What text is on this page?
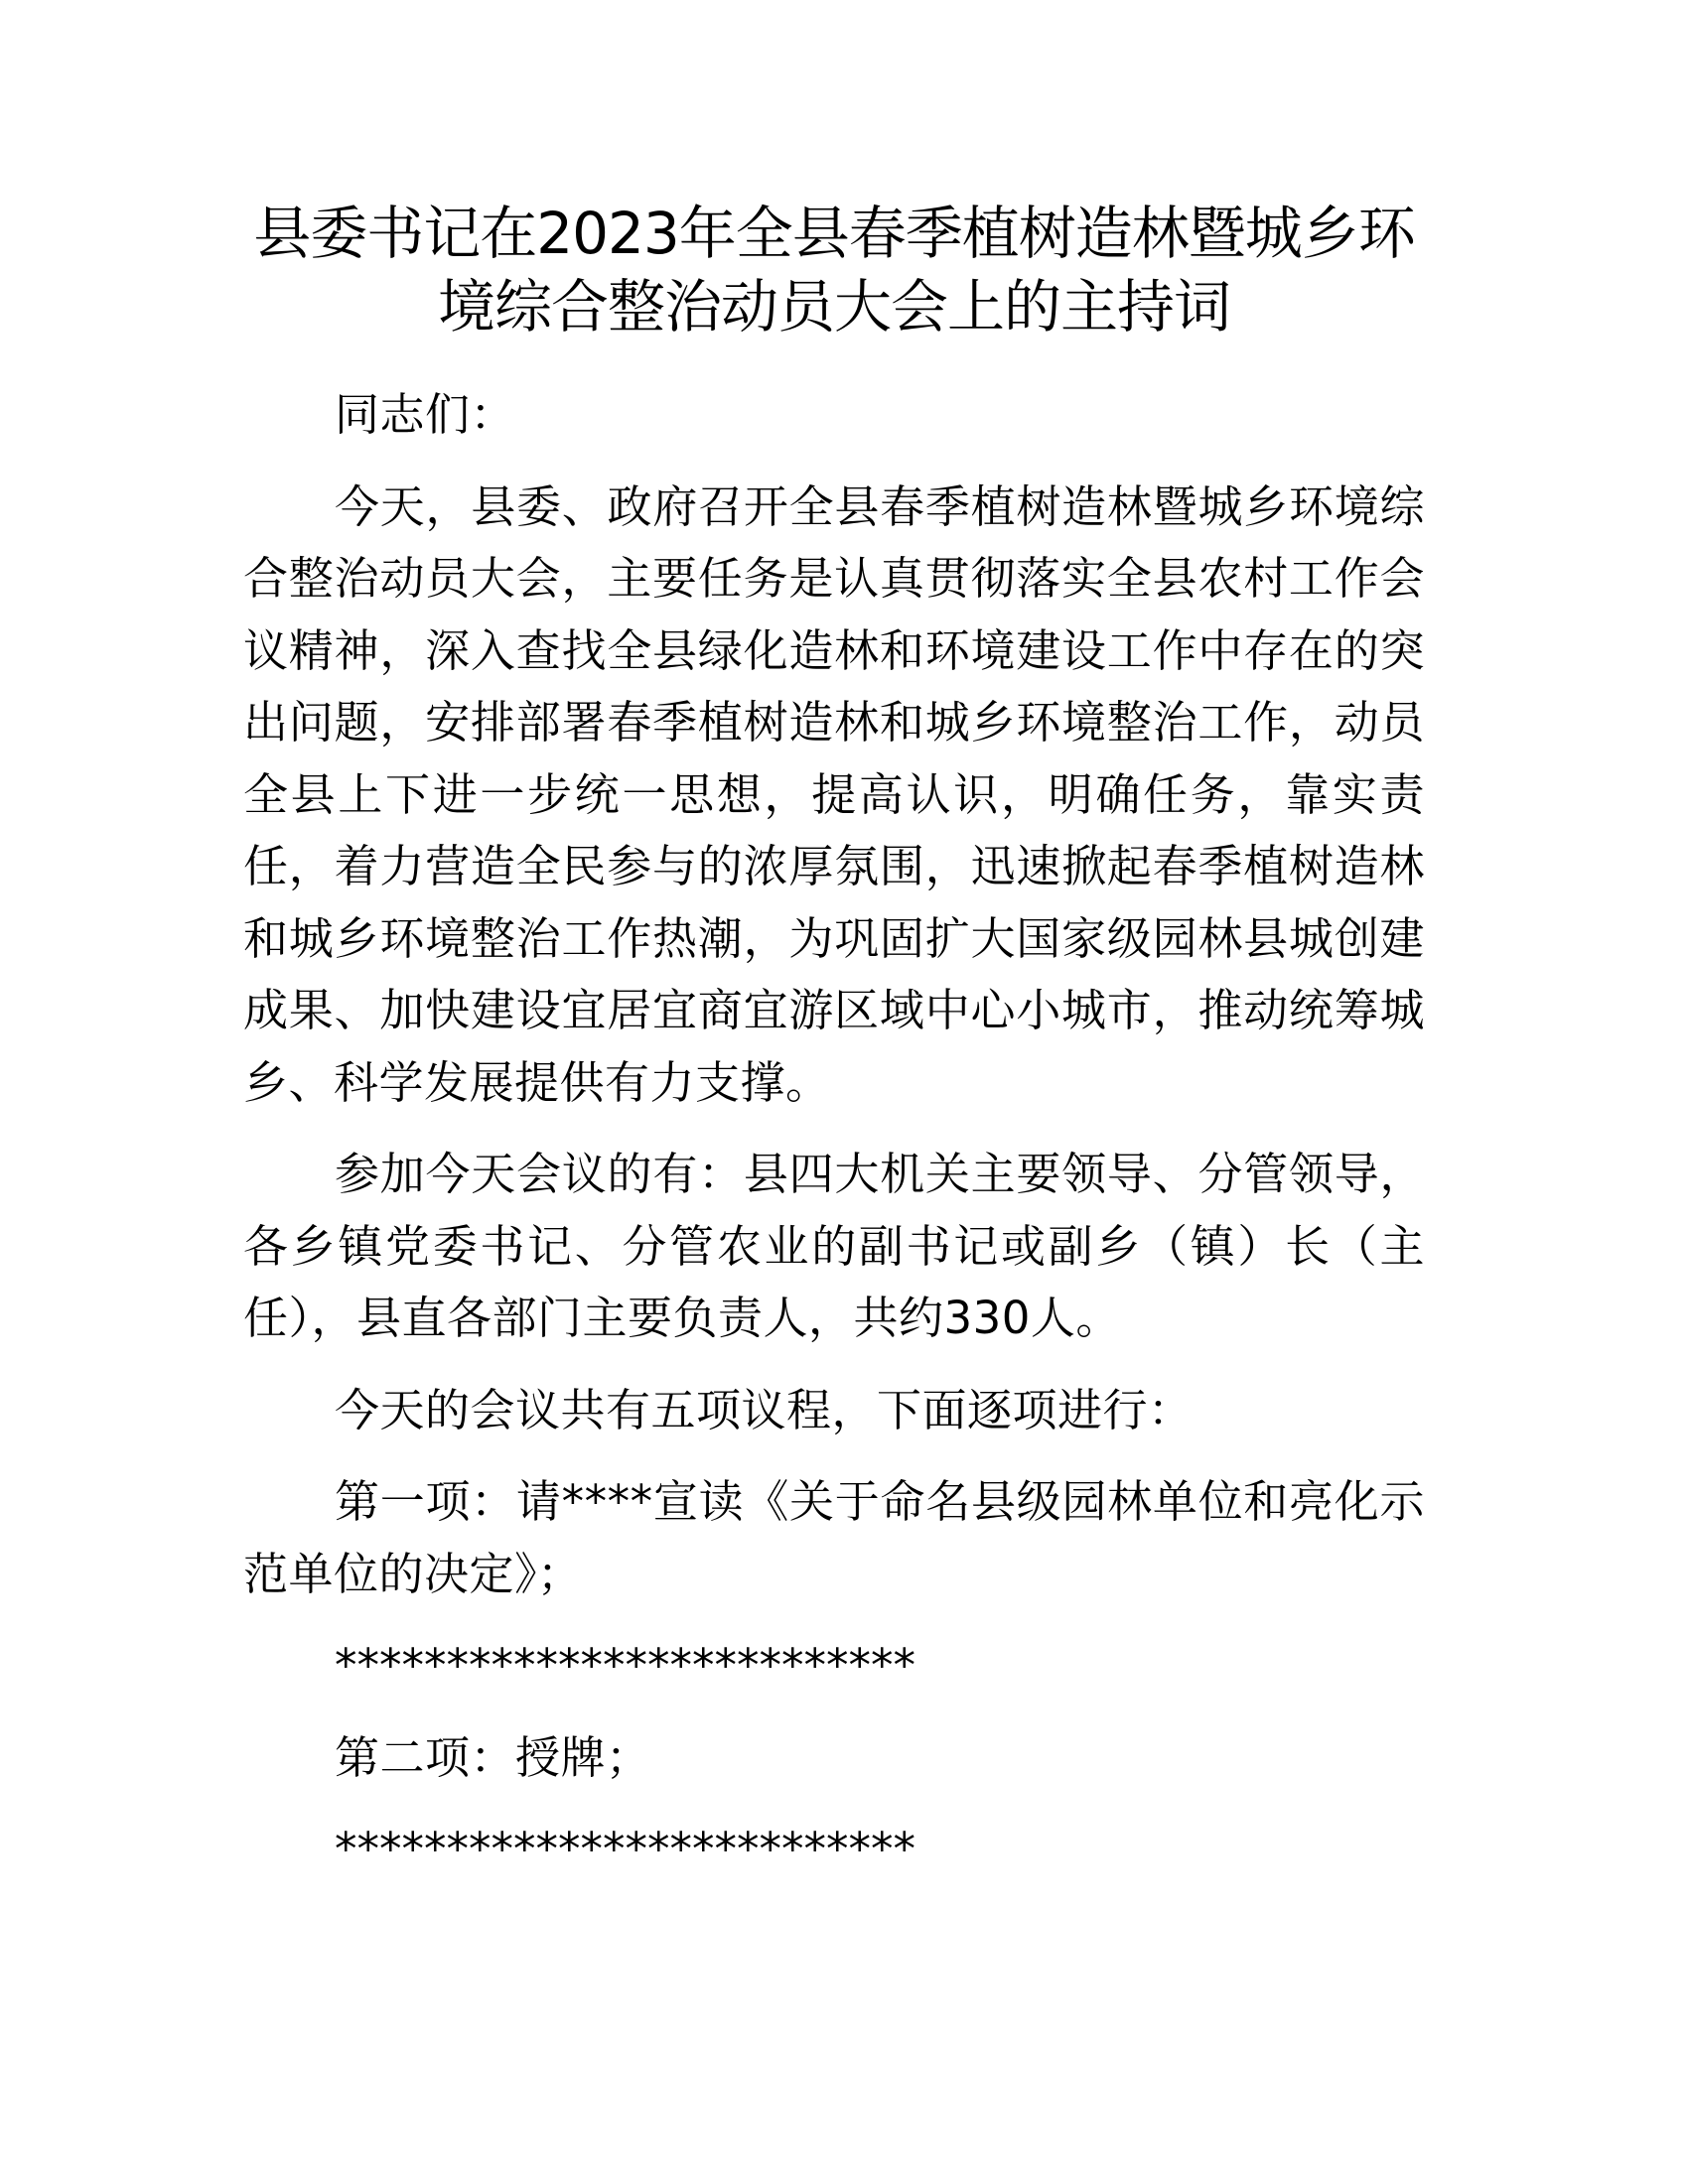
县委书记在2023年全县春季植树造林暨城乡环境综合整治动员大会上的主持词

同志们：

今天，县委、政府召开全县春季植树造林暨城乡环境综合整治动员大会，主要任务是认真贯彻落实全县农村工作会议精神，深入查找全县绿化造林和环境建设工作中存在的突出问题，安排部署春季植树造林和城乡环境整治工作，动员全县上下进一步统一思想，提高认识，明确任务，靠实责任，着力营造全民参与的浓厚氛围，迅速掀起春季植树造林和城乡环境整治工作热潮，为巩固扩大国家级园林县城创建成果、加快建设宜居宜商宜游区域中心小城市，推动统筹城乡、科学发展提供有力支撑。

参加今天会议的有：县四大机关主要领导、分管领导，各乡镇党委书记、分管农业的副书记或副乡（镇）长（主任），县直各部门主要负责人，共约330人。

今天的会议共有五项议程，下面逐项进行：

第一项：请****宣读《关于命名县级园林单位和亮化示范单位的决定》；

**************************

第二项：授牌；

**************************
